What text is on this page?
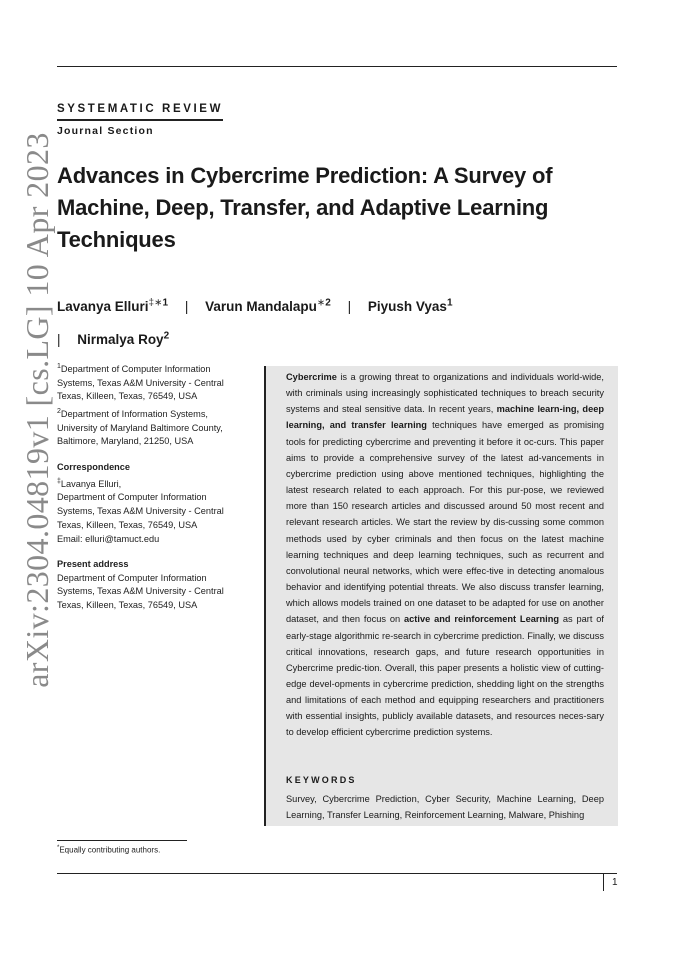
arXiv:2304.04819v1 [cs.LG] 10 Apr 2023
SYSTEMATIC REVIEW
Journal Section
Advances in Cybercrime Prediction: A Survey of Machine, Deep, Transfer, and Adaptive Learning Techniques
Lavanya Elluri$^{\ddagger∗1}$ | Varun Mandalapu$^{∗2}$ | Piyush Vyas$^1$
| Nirmalya Roy$^2$
$^1$Department of Computer Information Systems, Texas A&M University - Central Texas, Killeen, Texas, 76549, USA
$^2$Department of Information Systems, University of Maryland Baltimore County, Baltimore, Maryland, 21250, USA
Correspondence
‡Lavanya Elluri,
Department of Computer Information
Systems, Texas A&M University - Central
Texas, Killeen, Texas, 76549, USA
Email: elluri@tamuct.edu
Present address
Department of Computer Information
Systems, Texas A&M University - Central
Texas, Killeen, Texas, 76549, USA
Cybercrime is a growing threat to organizations and individuals world-wide, with criminals using increasingly sophisticated techniques to breach security systems and steal sensitive data. In recent years, machine learn-ing, deep learning, and transfer learning techniques have emerged as promising tools for predicting cybercrime and preventing it before it oc-curs. This paper aims to provide a comprehensive survey of the latest ad-vancements in cybercrime prediction using above mentioned techniques, highlighting the latest research related to each approach. For this pur-pose, we reviewed more than 150 research articles and discussed around 50 most recent and relevant research articles. We start the review by dis-cussing some common methods used by cyber criminals and then focus on the latest machine learning techniques and deep learning techniques, such as recurrent and convolutional neural networks, which were effec-tive in detecting anomalous behavior and identifying potential threats. We also discuss transfer learning, which allows models trained on one dataset to be adapted for use on another dataset, and then focus on active and reinforcement Learning as part of early-stage algorithmic re-search in cybercrime prediction. Finally, we discuss critical innovations, research gaps, and future research opportunities in Cybercrime predic-tion. Overall, this paper presents a holistic view of cutting-edge devel-opments in cybercrime prediction, shedding light on the strengths and limitations of each method and equipping researchers and practitioners with essential insights, publicly available datasets, and resources neces-sary to develop efficient cybercrime prediction systems.
KEYWORDS
Survey, Cybercrime Prediction, Cyber Security, Machine Learning, Deep Learning, Transfer Learning, Reinforcement Learning, Malware, Phishing
*Equally contributing authors.
1
